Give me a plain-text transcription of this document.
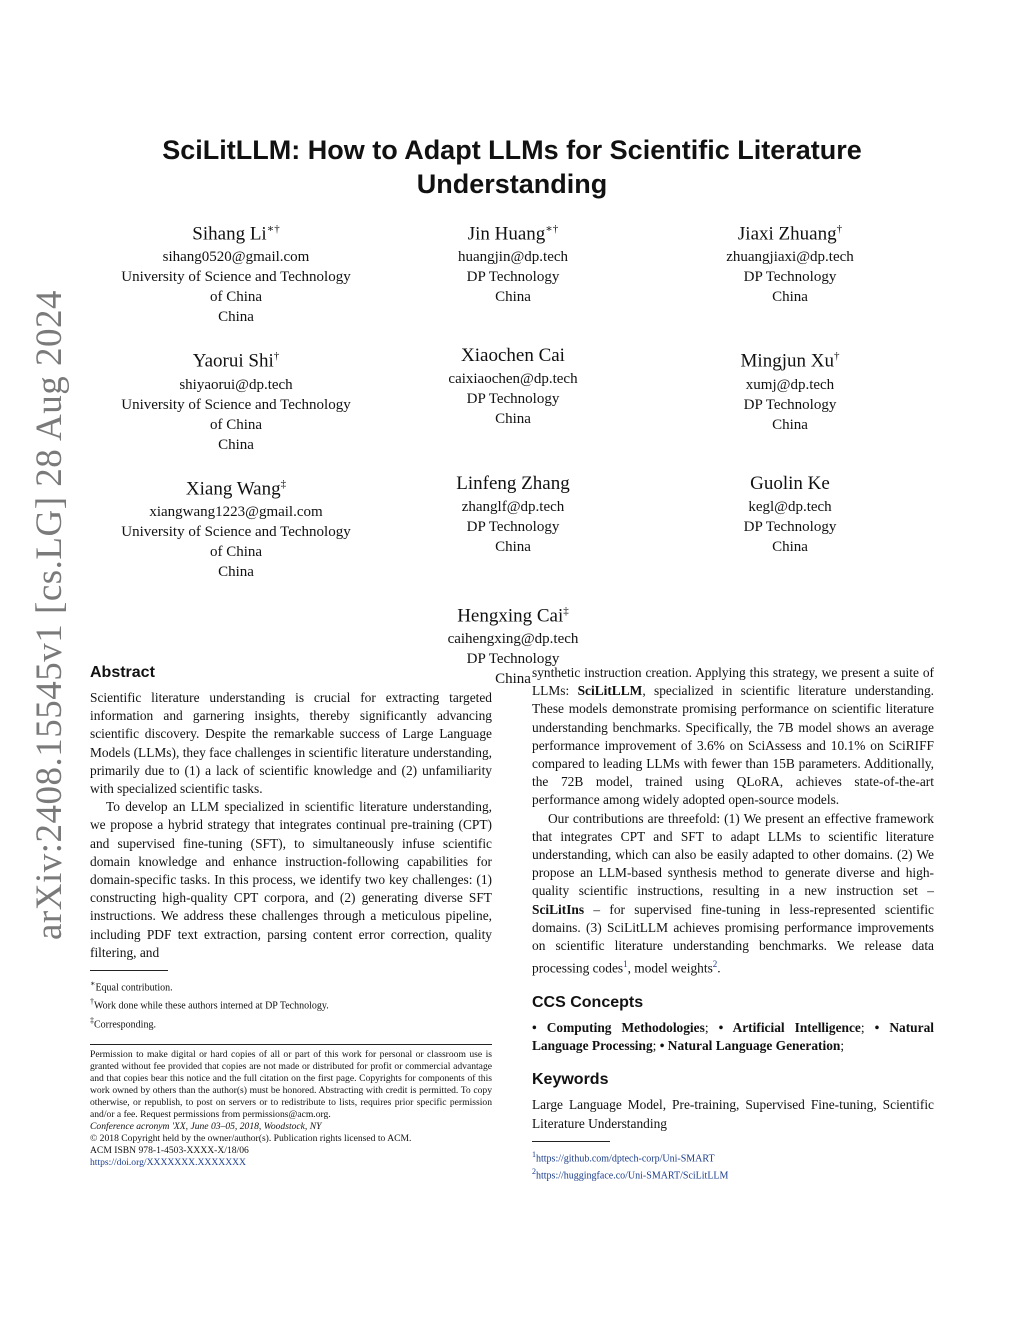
arXiv:2408.15545v1 [cs.LG] 28 Aug 2024
SciLitLLM: How to Adapt LLMs for Scientific Literature Understanding
Sihang Li∗†
sihang0520@gmail.com
University of Science and Technology
of China
China
Jin Huang∗†
huangjin@dp.tech
DP Technology
China
Jiaxi Zhuang†
zhuangjiaxi@dp.tech
DP Technology
China
Yaorui Shi†
shiyaorui@dp.tech
University of Science and Technology
of China
China
Xiaochen Cai
caixiaochen@dp.tech
DP Technology
China
Mingjun Xu†
xumj@dp.tech
DP Technology
China
Xiang Wang‡
xiangwang1223@gmail.com
University of Science and Technology
of China
China
Linfeng Zhang
zhanglf@dp.tech
DP Technology
China
Guolin Ke
kegl@dp.tech
DP Technology
China
Hengxing Cai‡
caihengxing@dp.tech
DP Technology
China
Abstract

Scientific literature understanding is crucial for extracting targeted information and garnering insights, thereby significantly advancing scientific discovery. Despite the remarkable success of Large Language Models (LLMs), they face challenges in scientific literature understanding, primarily due to (1) a lack of scientific knowledge and (2) unfamiliarity with specialized scientific tasks.

To develop an LLM specialized in scientific literature understanding, we propose a hybrid strategy that integrates continual pre-training (CPT) and supervised fine-tuning (SFT), to simultaneously infuse scientific domain knowledge and enhance instruction-following capabilities for domain-specific tasks. In this process, we identify two key challenges: (1) constructing high-quality CPT corpora, and (2) generating diverse SFT instructions. We address these challenges through a meticulous pipeline, including PDF text extraction, parsing content error correction, quality filtering, and

∗Equal contribution.
†Work done while these authors interned at DP Technology.
‡Corresponding.
Permission to make digital or hard copies of all or part of this work for personal or classroom use is granted without fee provided that copies are not made or distributed for profit or commercial advantage and that copies bear this notice and the full citation on the first page. Copyrights for components of this work owned by others than the author(s) must be honored. Abstracting with credit is permitted. To copy otherwise, or republish, to post on servers or to redistribute to lists, requires prior specific permission and/or a fee. Request permissions from permissions@acm.org.
Conference acronym 'XX, June 03–05, 2018, Woodstock, NY
© 2018 Copyright held by the owner/author(s). Publication rights licensed to ACM.
ACM ISBN 978-1-4503-XXXX-X/18/06
https://doi.org/XXXXXXX.XXXXXXX

synthetic instruction creation. Applying this strategy, we present a suite of LLMs: SciLitLLM, specialized in scientific literature understanding. These models demonstrate promising performance on scientific literature understanding benchmarks. Specifically, the 7B model shows an average performance improvement of 3.6% on SciAssess and 10.1% on SciRIFF compared to leading LLMs with fewer than 15B parameters. Additionally, the 72B model, trained using QLoRA, achieves state-of-the-art performance among widely adopted open-source models.

Our contributions are threefold: (1) We present an effective framework that integrates CPT and SFT to adapt LLMs to scientific literature understanding, which can also be easily adapted to other domains. (2) We propose an LLM-based synthesis method to generate diverse and high-quality scientific instructions, resulting in a new instruction set – SciLitIns – for supervised fine-tuning in less-represented scientific domains. (3) SciLitLLM achieves promising performance improvements on scientific literature understanding benchmarks. We release data processing codes$^1$, model weights$^2$.

CCS Concepts

• Computing Methodologies; • Artificial Intelligence; • Natural Language Processing; • Natural Language Generation;

Keywords

Large Language Model, Pre-training, Supervised Fine-tuning, Scientific Literature Understanding

$^1$https://github.com/dptech-corp/Uni-SMART
$^2$https://huggingface.co/Uni-SMART/SciLitLLM
